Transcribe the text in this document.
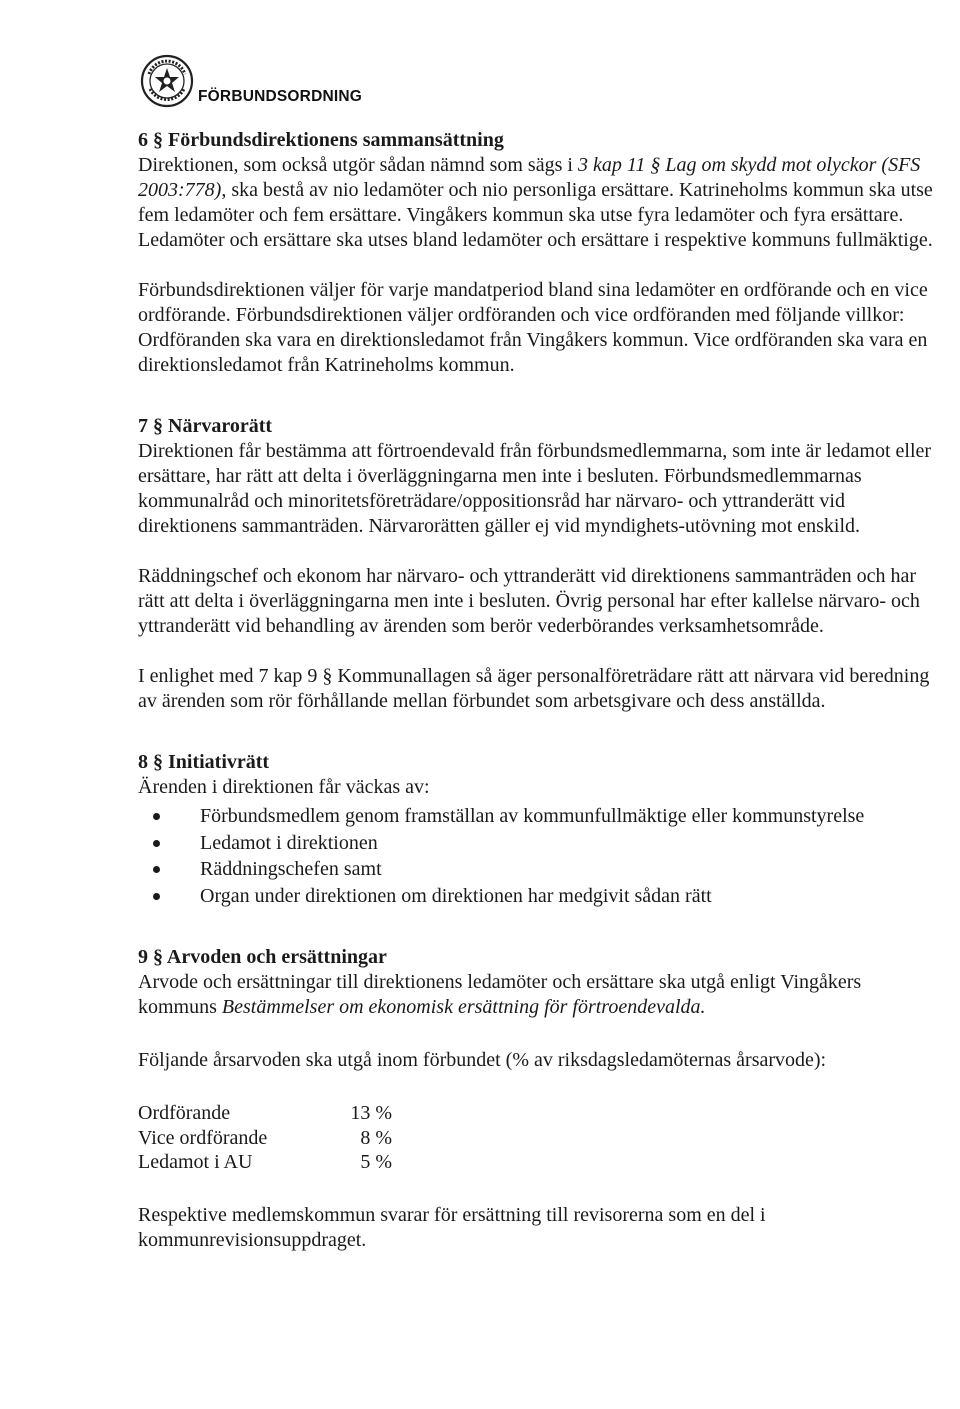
FÖRBUNDSORDNING

6 § Förbundsdirektionens sammansättning

Direktionen, som också utgör sådan nämnd som sägs i 3 kap 11 § Lag om skydd mot olyckor (SFS 2003:778), ska bestå av nio ledamöter och nio personliga ersättare. Katrineholms kommun ska utse fem ledamöter och fem ersättare. Vingåkers kommun ska utse fyra ledamöter och fyra ersättare. Ledamöter och ersättare ska utses bland ledamöter och ersättare i respektive kommuns fullmäktige.

Förbundsdirektionen väljer för varje mandatperiod bland sina ledamöter en ordförande och en vice ordförande. Förbundsdirektionen väljer ordföranden och vice ordföranden med följande villkor: Ordföranden ska vara en direktionsledamot från Vingåkers kommun. Vice ordföranden ska vara en direktionsledamot från Katrineholms kommun.

7 § Närvarorätt

Direktionen får bestämma att förtroendevald från förbundsmedlemmarna, som inte är ledamot eller ersättare, har rätt att delta i överläggningarna men inte i besluten. Förbundsmedlemmarnas kommunalråd och minoritetsföreträdare/oppositionsråd har närvaro- och yttranderätt vid direktionens sammanträden. Närvarorätten gäller ej vid myndighets-utövning mot enskild.

Räddningschef och ekonom har närvaro- och yttranderätt vid direktionens sammanträden och har rätt att delta i överläggningarna men inte i besluten. Övrig personal har efter kallelse närvaro- och yttranderätt vid behandling av ärenden som berör vederbörandes verksamhetsområde.

I enlighet med 7 kap 9 § Kommunallagen så äger personalföreträdare rätt att närvara vid beredning av ärenden som rör förhållande mellan förbundet som arbetsgivare och dess anställda.

8 § Initiativrätt

Ärenden i direktionen får väckas av:

Förbundsmedlem genom framställan av kommunfullmäktige eller kommunstyrelse
Ledamot i direktionen
Räddningschefen samt
Organ under direktionen om direktionen har medgivit sådan rätt

9 § Arvoden och ersättningar

Arvode och ersättningar till direktionens ledamöter och ersättare ska utgå enligt Vingåkers kommuns Bestämmelser om ekonomisk ersättning för förtroendevalda.

Följande årsarvoden ska utgå inom förbundet (% av riksdagsledamöternas årsarvode):

Ordförande	13 %
Vice ordförande	8 %
Ledamot i AU	5 %

Respektive medlemskommun svarar för ersättning till revisorerna som en del i kommunrevisionsuppdraget.
